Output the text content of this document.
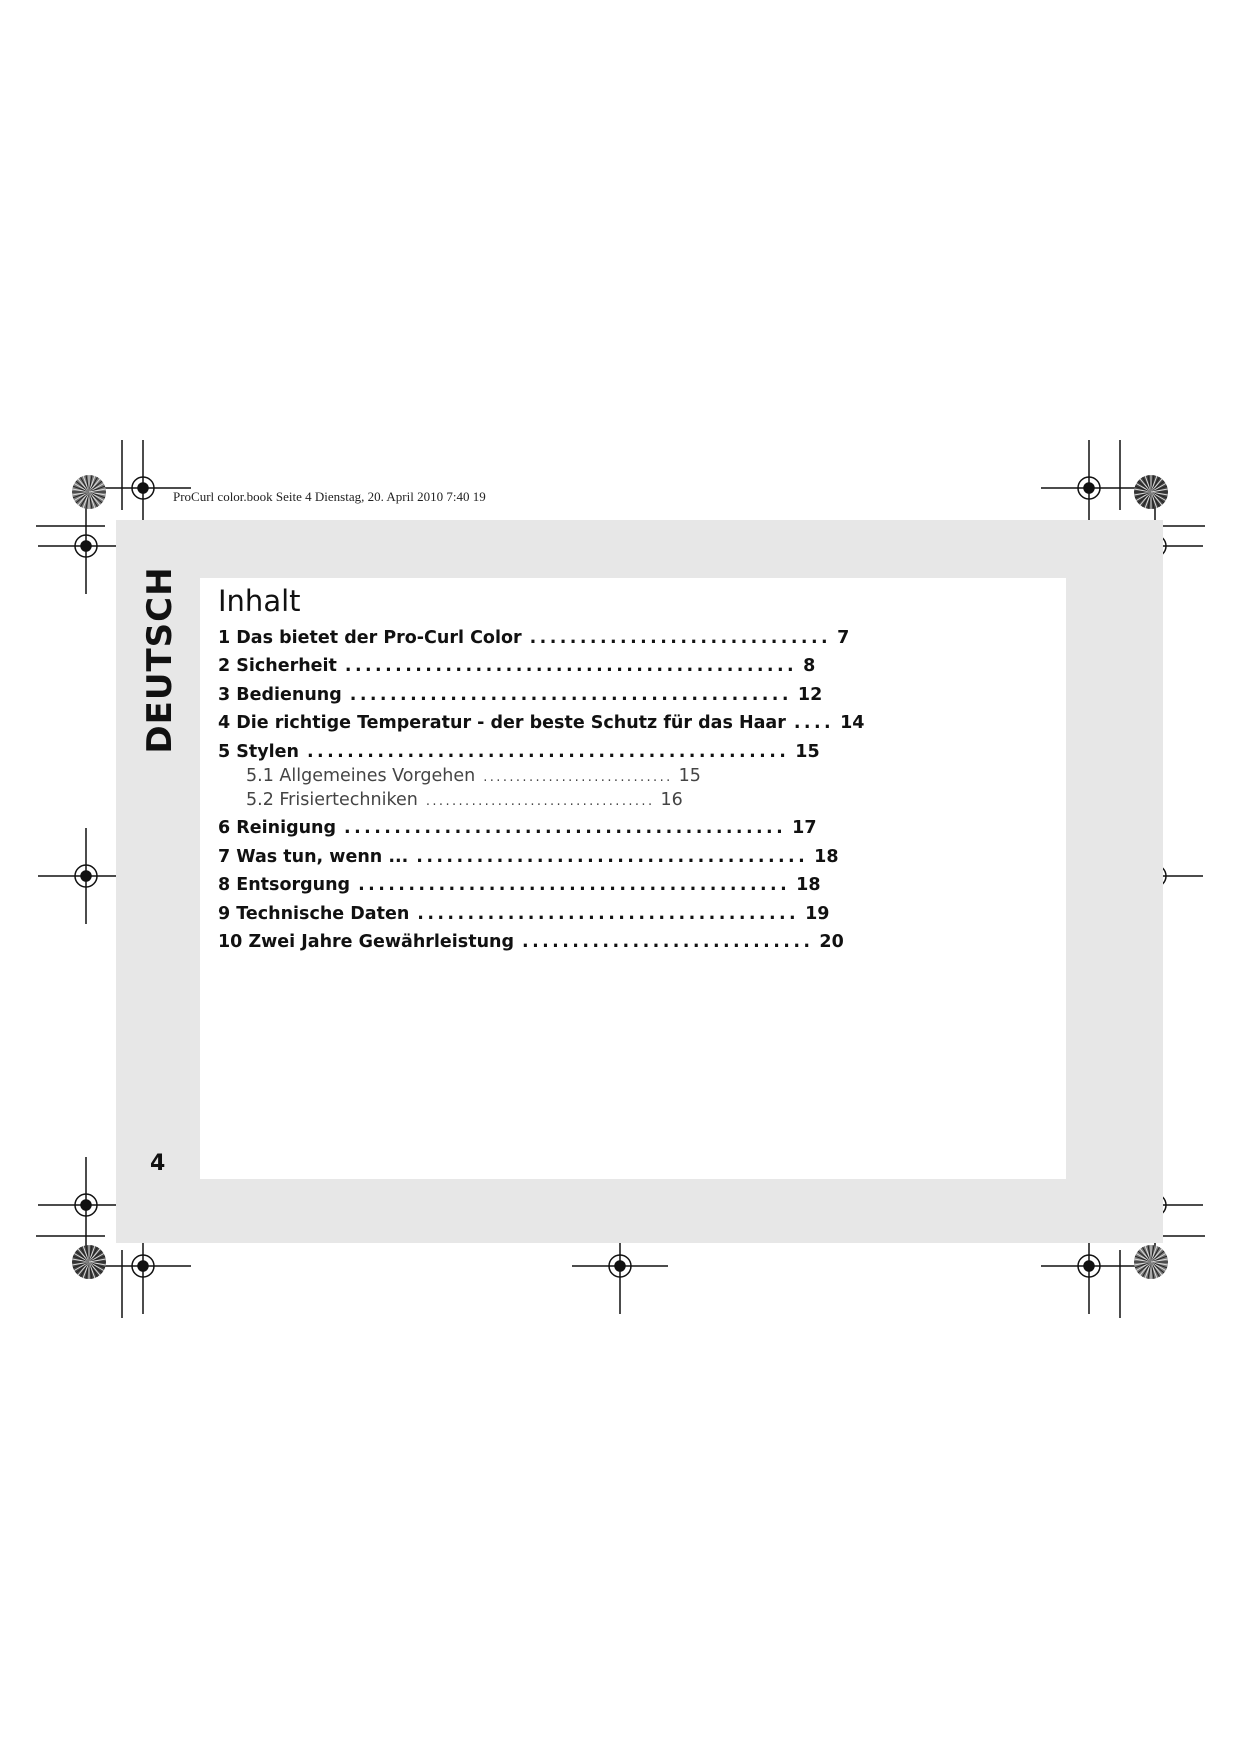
ProCurl color.book Seite 4 Dienstag, 20. April 2010 7:40 19
DEUTSCH
4
Inhalt
1 Das bietet der Pro-Curl Color .............................. 7
2 Sicherheit ............................................. 8
3 Bedienung ............................................ 12
4 Die richtige Temperatur - der beste Schutz für das Haar .... 14
5 Stylen ................................................ 15
5.1 Allgemeines Vorgehen ............................. 15
5.2 Frisiertechniken ................................... 16
6 Reinigung ............................................ 17
7 Was tun, wenn ... ....................................... 18
8 Entsorgung ........................................... 18
9 Technische Daten ...................................... 19
10 Zwei Jahre Gewährleistung ............................. 20
